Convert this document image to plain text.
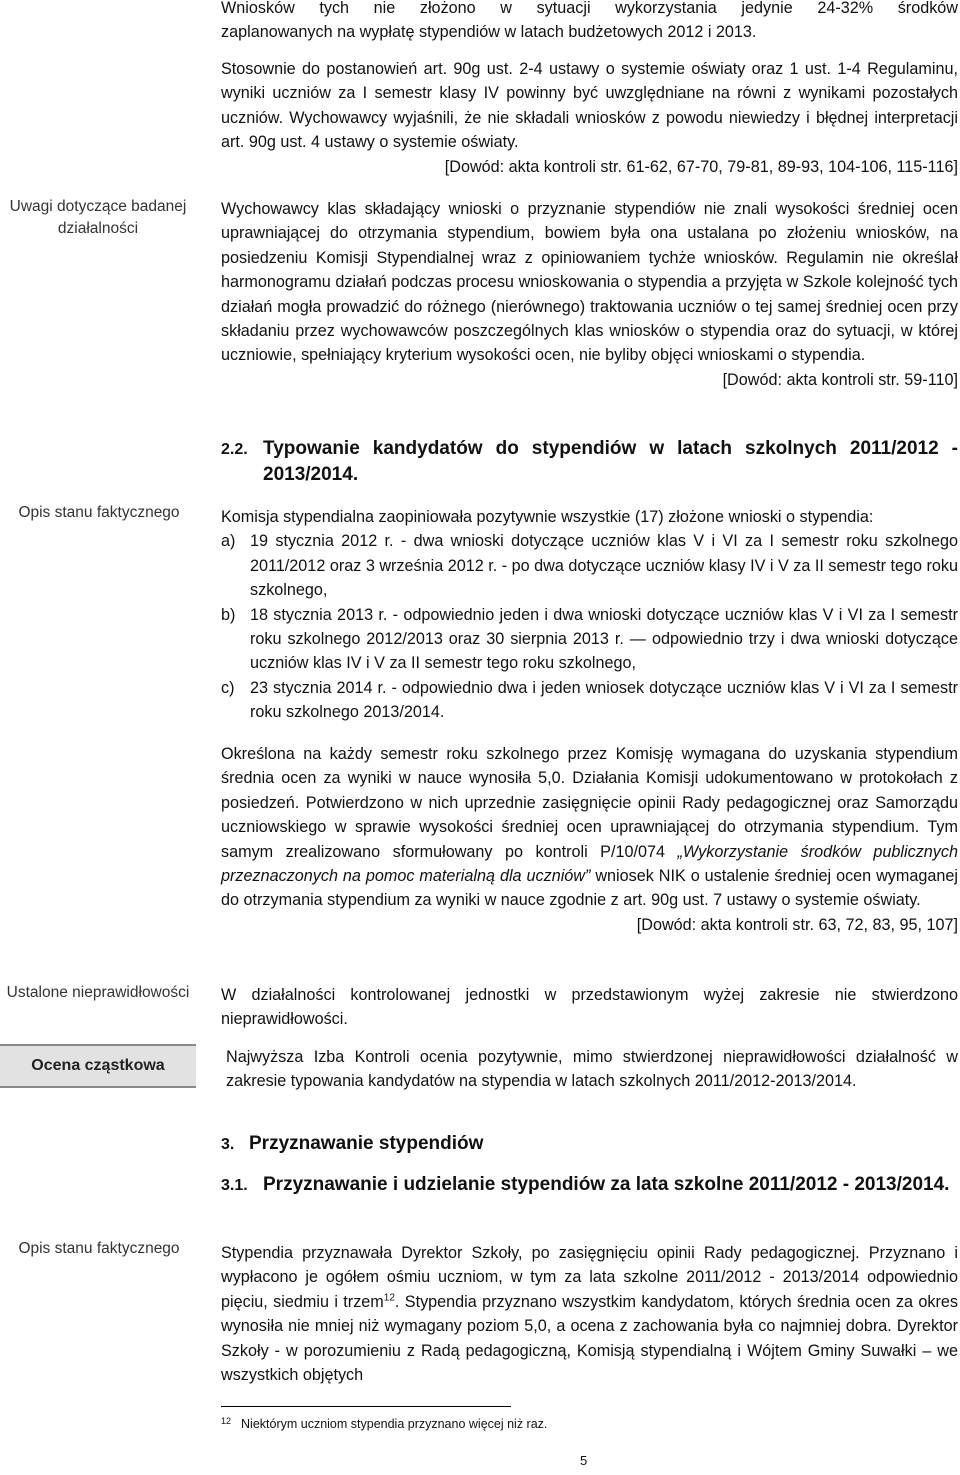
Uwagi dotyczące badanej działalności
Opis stanu faktycznego
Ustalone nieprawidłowości
Ocena cząstkowa
Opis stanu faktycznego

Wniosków tych nie złożono w sytuacji wykorzystania jedynie 24-32% środków

zaplanowanych na wypłatę stypendiów w latach budżetowych 2012 i 2013.

Stosownie do postanowień art. 90g ust. 2-4 ustawy o systemie oświaty oraz 1 ust. 1-4 Regulaminu, wyniki uczniów za I semestr klasy IV powinny być uwzględniane na równi z wynikami pozostałych uczniów. Wychowawcy wyjaśnili, że nie składali wniosków z powodu niewiedzy i błędnej interpretacji art. 90g ust. 4 ustawy o systemie oświaty.

[Dowód: akta kontroli str. 61-62, 67-70, 79-81, 89-93, 104-106, 115-116]

Wychowawcy klas składający wnioski o przyznanie stypendiów nie znali wysokości średniej ocen uprawniającej do otrzymania stypendium, bowiem była ona ustalana po złożeniu wniosków, na posiedzeniu Komisji Stypendialnej wraz z opiniowaniem tychże wniosków. Regulamin nie określał harmonogramu działań podczas procesu wnioskowania o stypendia a przyjęta w Szkole kolejność tych działań mogła prowadzić do różnego (nierównego) traktowania uczniów o tej samej średniej ocen przy składaniu przez wychowawców poszczególnych klas wniosków o stypendia oraz do sytuacji, w której uczniowie, spełniający kryterium wysokości ocen, nie byliby objęci wnioskami o stypendia.

[Dowód: akta kontroli str. 59-110]

2.2. Typowanie kandydatów do stypendiów w latach szkolnych 2011/2012 - 2013/2014.

Komisja stypendialna zaopiniowała pozytywnie wszystkie (17) złożone wnioski o stypendia:

a) 19 stycznia 2012 r. - dwa wnioski dotyczące uczniów klas V i VI za I semestr roku szkolnego 2011/2012 oraz 3 września 2012 r. - po dwa dotyczące uczniów klasy IV i V za II semestr tego roku szkolnego,
b) 18 stycznia 2013 r. - odpowiednio jeden i dwa wnioski dotyczące uczniów klas V i VI za I semestr roku szkolnego 2012/2013 oraz 30 sierpnia 2013 r. — odpowiednio trzy i dwa wnioski dotyczące uczniów klas IV i V za II semestr tego roku szkolnego,
c) 23 stycznia 2014 r. - odpowiednio dwa i jeden wniosek dotyczące uczniów klas V i VI za I semestr roku szkolnego 2013/2014.

Określona na każdy semestr roku szkolnego przez Komisję wymagana do uzyskania stypendium średnia ocen za wyniki w nauce wynosiła 5,0. Działania Komisji udokumentowano w protokołach z posiedzeń. Potwierdzono w nich uprzednie zasięgnięcie opinii Rady pedagogicznej oraz Samorządu uczniowskiego w sprawie wysokości średniej ocen uprawniającej do otrzymania stypendium. Tym samym zrealizowano sformułowany po kontroli P/10/074 „Wykorzystanie środków publicznych przeznaczonych na pomoc materialną dla uczniów” wniosek NIK o ustalenie średniej ocen wymaganej do otrzymania stypendium za wyniki w nauce zgodnie z art. 90g ust. 7 ustawy o systemie oświaty.

[Dowód: akta kontroli str. 63, 72, 83, 95, 107]

W działalności kontrolowanej jednostki w przedstawionym wyżej zakresie nie stwierdzono nieprawidłowości.

Najwyższa Izba Kontroli ocenia pozytywnie, mimo stwierdzonej nieprawidłowości działalność w zakresie typowania kandydatów na stypendia w latach szkolnych 2011/2012-2013/2014.

3. Przyznawanie stypendiów
3.1. Przyznawanie i udzielanie stypendiów za lata szkolne 2011/2012 - 2013/2014.

Stypendia przyznawała Dyrektor Szkoły, po zasięgnięciu opinii Rady pedagogicznej. Przyznano i wypłacono je ogółem ośmiu uczniom, w tym za lata szkolne 2011/2012 - 2013/2014 odpowiednio pięciu, siedmiu i trzem$^{12}$. Stypendia przyznano wszystkim kandydatom, których średnia ocen za okres wynosiła nie mniej niż wymagany poziom 5,0, a ocena z zachowania była co najmniej dobra. Dyrektor Szkoły - w porozumieniu z Radą pedagogiczną, Komisją stypendialną i Wójtem Gminy Suwałki – we wszystkich objętych

$^{12}$ Niektórym uczniom stypendia przyznano więcej niż raz.
5
